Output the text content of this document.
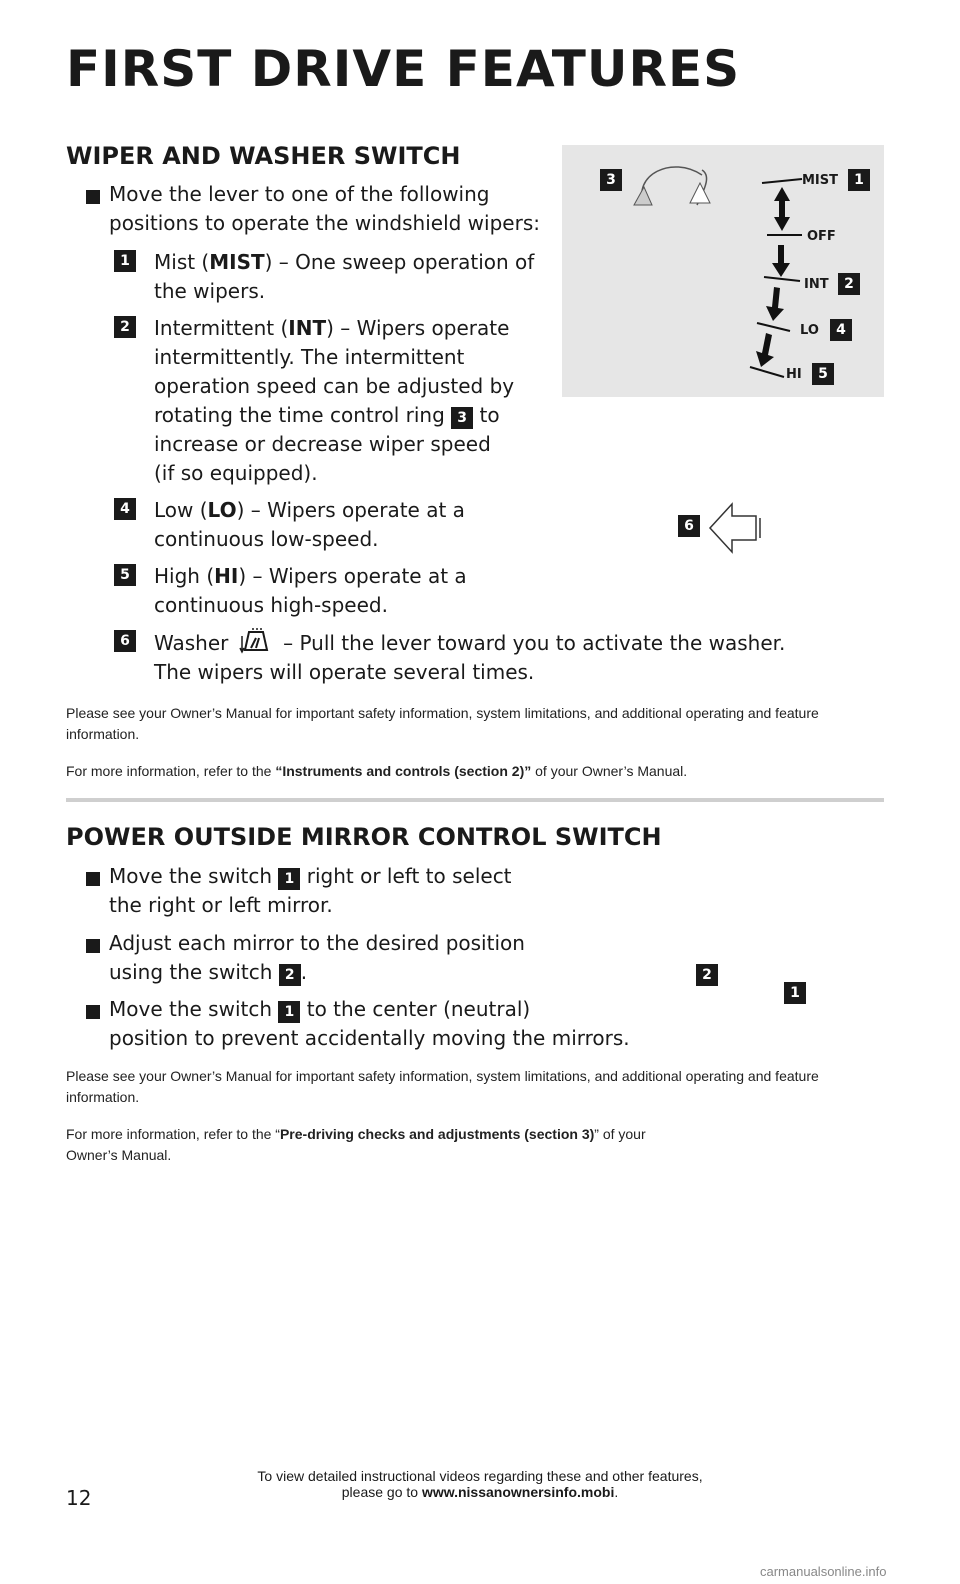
FIRST DRIVE FEATURES
WIPER AND WASHER SWITCH
Move the lever to one of the following
positions to operate the windshield wipers:
1	Mist (MIST) – One sweep operation of
the wipers.
2	Intermittent (INT) – Wipers operate
intermittently. The intermittent
operation speed can be adjusted by
rotating the time control ring 3 to
increase or decrease wiper speed
(if so equipped).
4	Low (LO) – Wipers operate at a
continuous low-speed.
5	High (HI) – Wipers operate at a
continuous high-speed.
6	Washer  – Pull the lever toward you to activate the washer.
The wipers will operate several times.
3	MIST	1
OFF
INT	2
LO	4
HI	5
6
Please see your Owner’s Manual for important safety information, system limitations, and additional operating and feature information.
For more information, refer to the “Instruments and controls (section 2)” of your Owner’s Manual.
POWER OUTSIDE MIRROR CONTROL SWITCH
Move the switch 1 right or left to select
the right or left mirror.
Adjust each mirror to the desired position
using the switch 2 .
Move the switch 1 to the center (neutral)
position to prevent accidentally moving the mirrors.
2
1
Please see your Owner’s Manual for important safety information, system limitations, and additional operating and feature information.
For more information, refer to the “Pre-driving checks and adjustments (section 3)” of your
Owner’s Manual.
To view detailed instructional videos regarding these and other features,
please go to www.nissanownersinfo.mobi.
12
carmanualsonline.info
